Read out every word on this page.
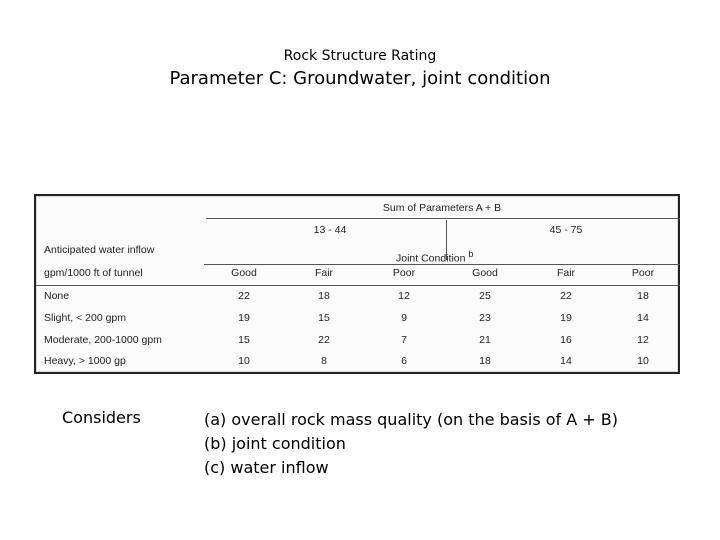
Rock Structure Rating
Parameter C: Groundwater, joint condition
Sum of Parameters A + B
13 - 44	45 - 75
Joint Condition $^b$
Anticipated water inflow
gpm/1000 ft of tunnel	Good	Fair	Poor	Good	Fair	Poor
None	22	18	12	25	22	18
Slight, < 200 gpm	19	15	9	23	19	14
Moderate, 200-1000 gpm	15	22	7	21	16	12
Heavy, > 1000 gp	10	8	6	18	14	10
Considers	(a) overall rock mass quality (on the basis of A + B)
(b) joint condition
(c) water inflow
